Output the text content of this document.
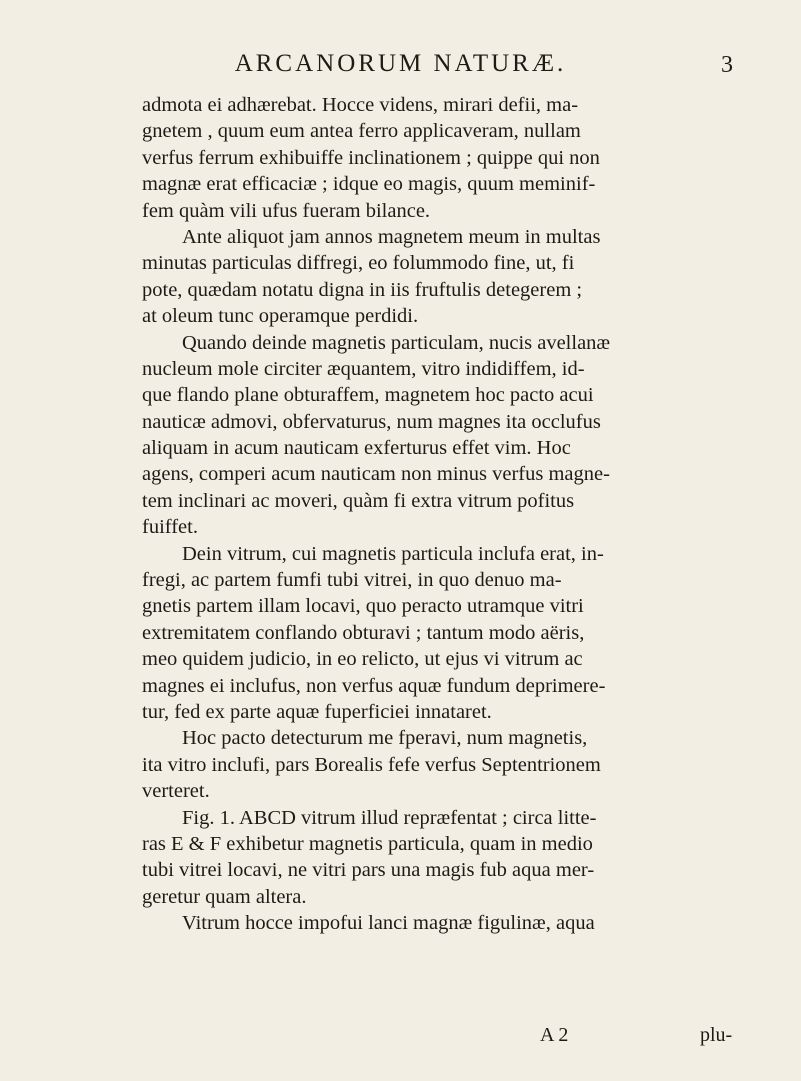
ARCANORUM NATURÆ.	3
admota ei adhærebat. Hocce videns, mirari defii, ma-
gnetem , quum eum antea ferro applicaveram, nullam
verfus ferrum exhibuiffe inclinationem ; quippe qui non
magnæ erat efficaciæ ; idque eo magis, quum meminif-
fem quàm vili ufus fueram bilance.
Ante aliquot jam annos magnetem meum in multas
minutas particulas diffregi, eo folummodo fine, ut, fi
pote, quædam notatu digna in iis fruftulis detegerem ;
at oleum tunc operamque perdidi.
Quando deinde magnetis particulam, nucis avellanæ
nucleum mole circiter æquantem, vitro indidiffem, id-
que flando plane obturaffem, magnetem hoc pacto acui
nauticæ admovi, obfervaturus, num magnes ita occlufus
aliquam in acum nauticam exferturus effet vim. Hoc
agens, comperi acum nauticam non minus verfus magne-
tem inclinari ac moveri, quàm fi extra vitrum pofitus
fuiffet.
Dein vitrum, cui magnetis particula inclufa erat, in-
fregi, ac partem fumfi tubi vitrei, in quo denuo ma-
gnetis partem illam locavi, quo peracto utramque vitri
extremitatem conflando obturavi ; tantum modo aëris,
meo quidem judicio, in eo relicto, ut ejus vi vitrum ac
magnes ei inclufus, non verfus aquæ fundum deprimere-
tur, fed ex parte aquæ fuperficiei innataret.
Hoc pacto detecturum me fperavi, num magnetis,
ita vitro inclufi, pars Borealis fefe verfus Septentrionem
verteret.
Fig. 1. ABCD vitrum illud repræfentat ; circa litte-
ras E & F exhibetur magnetis particula, quam in medio
tubi vitrei locavi, ne vitri pars una magis fub aqua mer-
geretur quam altera.
Vitrum hocce impofui lanci magnæ figulinæ, aqua
A 2	plu-
